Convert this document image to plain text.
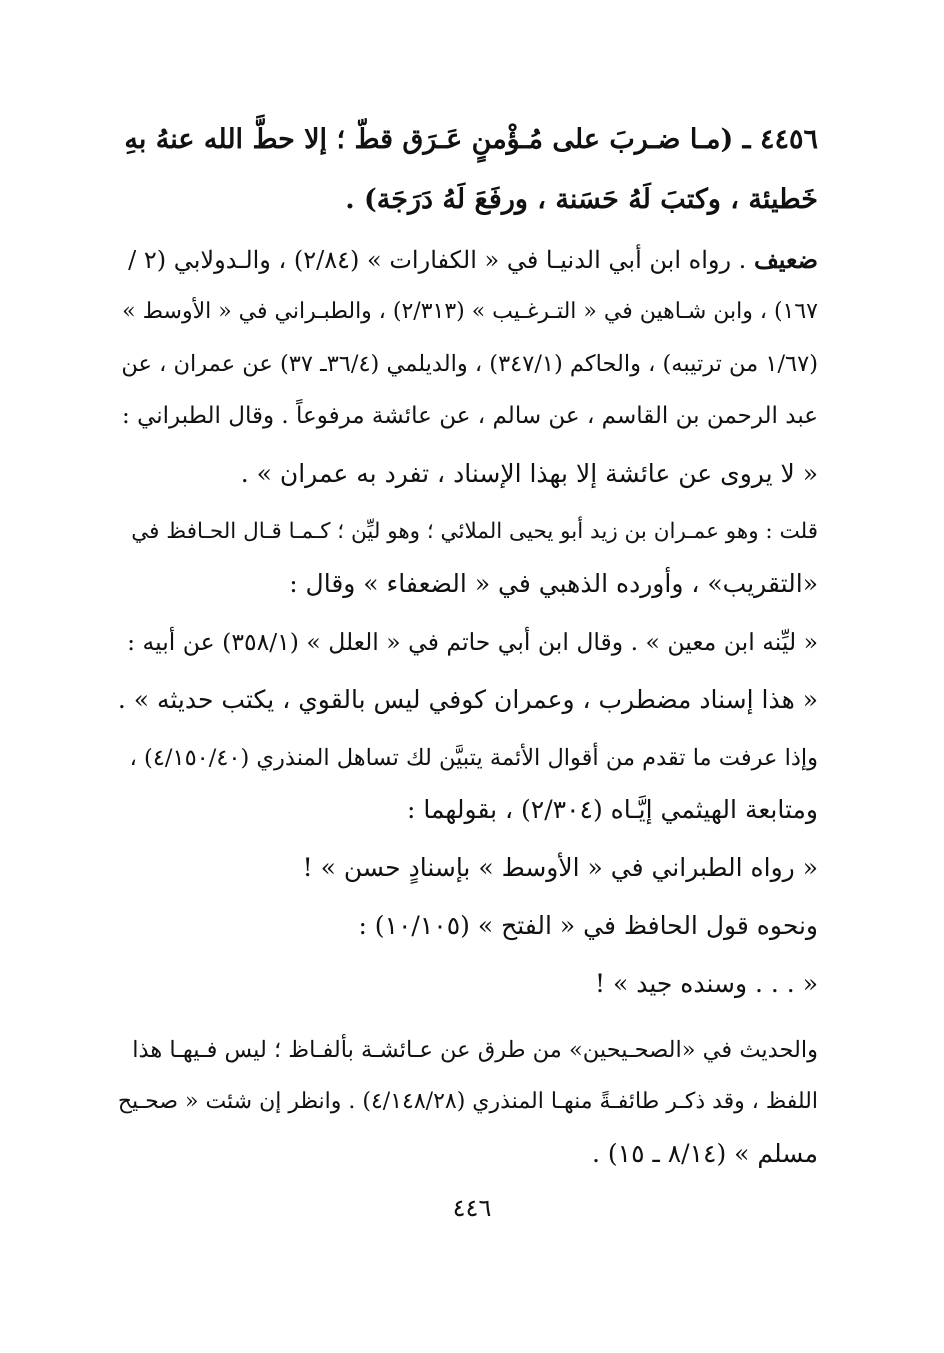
٤٤٥٦ ـ (مـا ضـربَ على مُـؤْمنٍ عَـرَق قطّ ؛ إلا حطَّ الله عنهُ بهِ
خَطيئة ، وكتبَ لَهُ حَسَنة ، ورفَعَ لَهُ دَرَجَة) .
ضعيف . رواه ابن أبي الدنيـا في « الكفارات » (٢/٨٤) ، والـدولابي (٢ /
١٦٧) ، وابن شـاهين في « التـرغـيب » (٢/٣١٣) ، والطبـراني في « الأوسط »
(١/٦٧ من ترتيبه) ، والحاكم (٣٤٧/١) ، والديلمي (٣٦/٤ـ ٣٧) عن عمران ، عن
عبد الرحمن بن القاسم ، عن سالم ، عن عائشة مرفوعاً . وقال الطبراني :
« لا يروى عن عائشة إلا بهذا الإسناد ، تفرد به عمران » .
قلت : وهو عمـران بن زيد أبو يحيى الملائي ؛ وهو ليِّن ؛ كـمـا قـال الحـافظ في
«التقريب» ، وأورده الذهبي في « الضعفاء » وقال :
« ليِّنه ابن معين » . وقال ابن أبي حاتم في « العلل » (٣٥٨/١) عن أبيه :
« هذا إسناد مضطرب ، وعمران كوفي ليس بالقوي ، يكتب حديثه » .
وإذا عرفت ما تقدم من أقوال الأئمة يتبيَّن لك تساهل المنذري (٤/١٥٠/٤٠) ،
ومتابعة الهيثمي إيَّـاه (٢/٣٠٤) ، بقولهما :
« رواه الطبراني في « الأوسط » بإسنادٍ حسن » !
ونحوه قول الحافظ في « الفتح » (١٠/١٠٥) :
« . . . وسنده جيد » !
والحديث في «الصحـيحين» من طرق عن عـائشـة بألفـاظ ؛ ليس فـيهـا هذا
اللفظ ، وقد ذكـر طائفـةً منهـا المنذري (٤/١٤٨/٢٨) . وانظر إن شئت « صحـيح
مسلم » (٨/١٤ ـ ١٥) .
٤٤٦
